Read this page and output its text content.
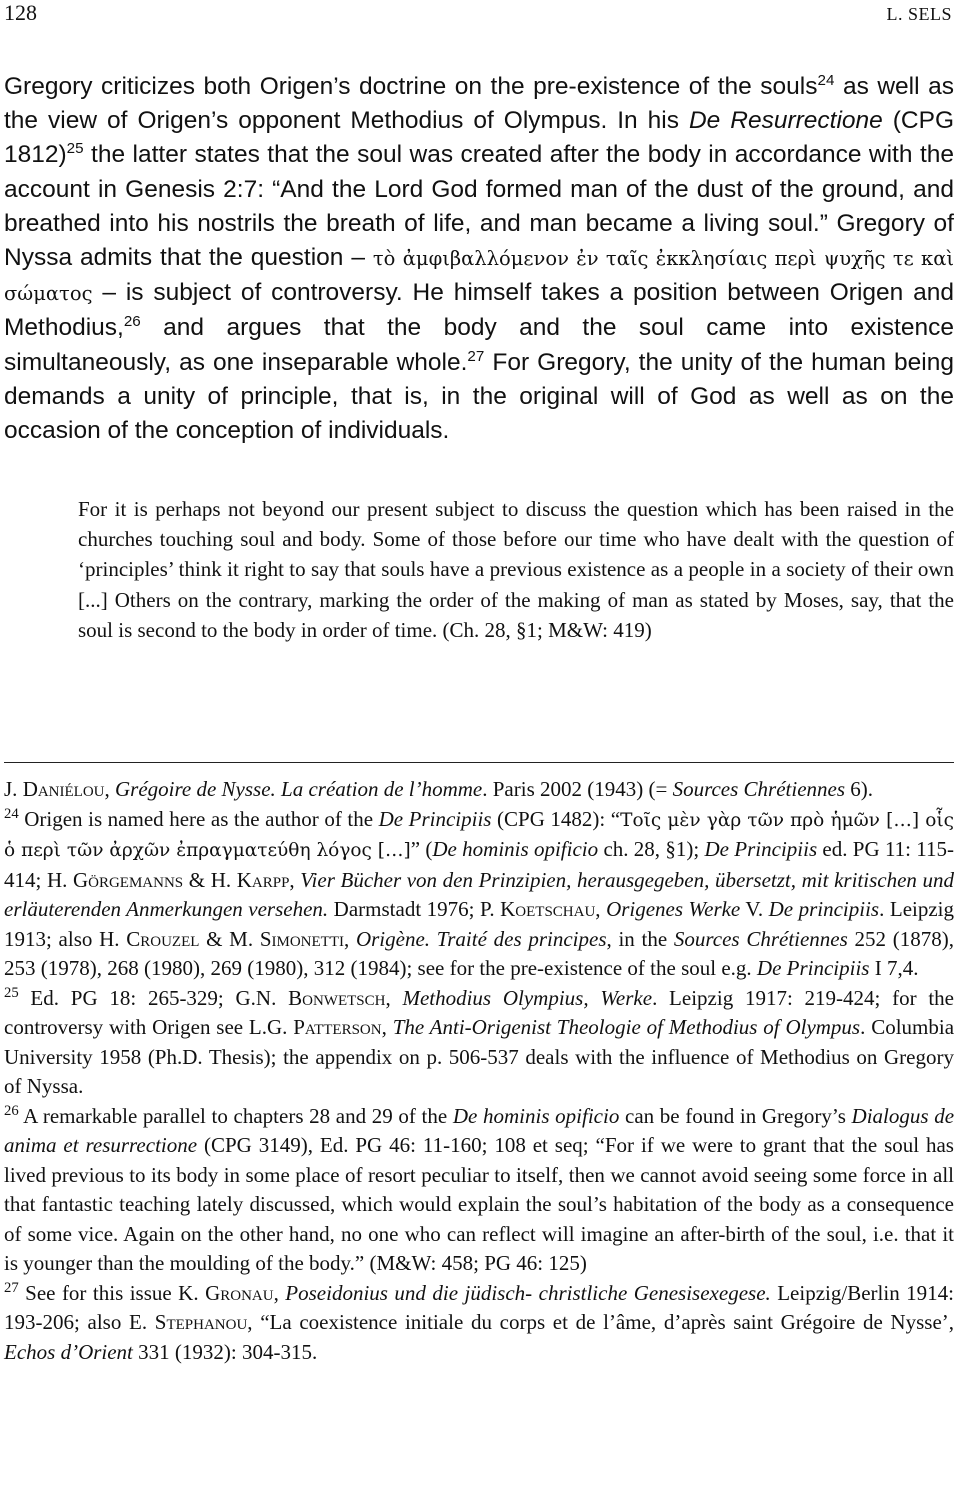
128	L. SELS

Gregory criticizes both Origen’s doctrine on the pre-existence of the souls$^{24}$ as well as the view of Origen’s opponent Methodius of Olympus. In his De Resurrectione (CPG 1812)$^{25}$ the latter states that the soul was created after the body in accordance with the account in Genesis 2:7: “And the Lord God formed man of the dust of the ground, and breathed into his nostrils the breath of life, and man became a living soul.” Gregory of Nyssa admits that the question – τὸ ἀμφιβαλλόμενον ἐν ταῖς ἐκκλησίαις περὶ ψυχῆς τε καὶ σώματος – is subject of controversy. He himself takes a position between Origen and Methodius,$^{26}$ and argues that the body and the soul came into existence simultaneously, as one inseparable whole.$^{27}$ For Gregory, the unity of the human being demands a unity of principle, that is, in the original will of God as well as on the occasion of the conception of individuals.

For it is perhaps not beyond our present subject to discuss the question which has been raised in the churches touching soul and body. Some of those before our time who have dealt with the question of ‘principles’ think it right to say that souls have a previous existence as a people in a society of their own [...] Others on the contrary, marking the order of the making of man as stated by Moses, say, that the soul is second to the body in order of time. (Ch. 28, §1; M&W: 419)

J. Daniélou, Grégoire de Nysse. La création de l’homme. Paris 2002 (1943) (= Sources Chrétiennes 6).

$^{24}$ Origen is named here as the author of the De Principiis (CPG 1482): “Τοῖς μὲν γὰρ τῶν πρὸ ἡμῶν […] οἷς ὁ περὶ τῶν ἀρχῶν ἐπραγματεύθη λόγος […]” (De hominis opificio ch. 28, §1); De Principiis ed. PG 11: 115-414; H. Görgemanns & H. Karpp, Vier Bücher von den Prinzipien, herausgegeben, übersetzt, mit kritischen und erläuterenden Anmerkungen versehen. Darmstadt 1976; P. Koetschau, Origenes Werke V. De principiis. Leipzig 1913; also H. Crouzel & M. Simonetti, Origène. Traité des principes, in the Sources Chrétiennes 252 (1878), 253 (1978), 268 (1980), 269 (1980), 312 (1984); see for the pre-existence of the soul e.g. De Principiis I 7,4.

$^{25}$ Ed. PG 18: 265-329; G.N. Bonwetsch, Methodius Olympius, Werke. Leipzig 1917: 219-424; for the controversy with Origen see L.G. Patterson, The Anti-Origenist Theologie of Methodius of Olympus. Columbia University 1958 (Ph.D. Thesis); the appendix on p. 506-537 deals with the influence of Methodius on Gregory of Nyssa.

$^{26}$ A remarkable parallel to chapters 28 and 29 of the De hominis opificio can be found in Gregory’s Dialogus de anima et resurrectione (CPG 3149), Ed. PG 46: 11-160; 108 et seq; “For if we were to grant that the soul has lived previous to its body in some place of resort peculiar to itself, then we cannot avoid seeing some force in all that fantastic teaching lately discussed, which would explain the soul’s habitation of the body as a consequence of some vice. Again on the other hand, no one who can reflect will imagine an after-birth of the soul, i.e. that it is younger than the moulding of the body.” (M&W: 458; PG 46: 125)

$^{27}$ See for this issue K. Gronau, Poseidonius und die jüdisch- christliche Genesisexegese. Leipzig/Berlin 1914: 193-206; also E. Stephanou, “La coexistence initiale du corps et de l’âme, d’après saint Grégoire de Nysse’, Echos d’Orient 331 (1932): 304-315.
